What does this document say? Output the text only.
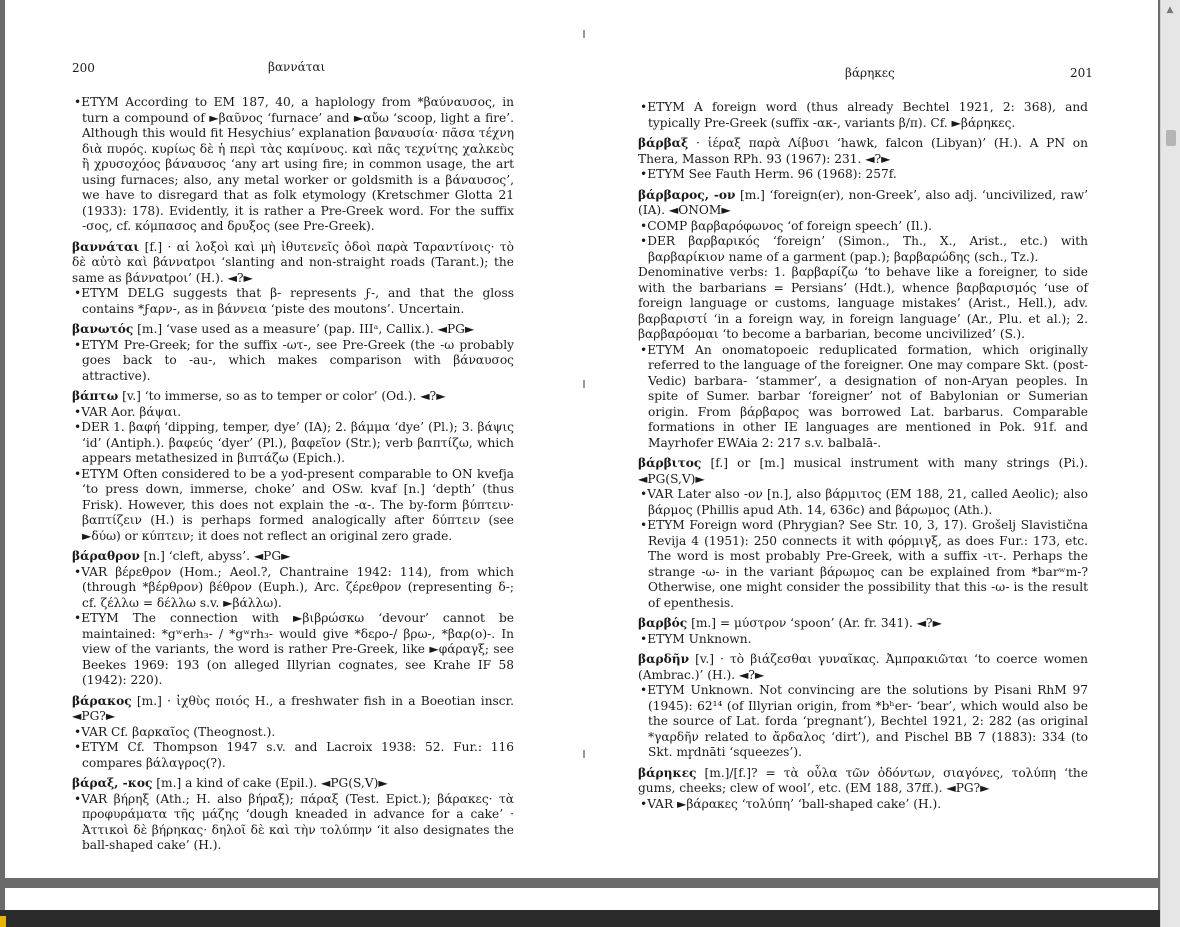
200	βαννάται	βάρηκες	201
•ETYM According to EM 187, 40, a haplology from *βαύναυσος, in turn a compound of ►βαῦνος ‘furnace’ and ►αὔω ‘scoop, light a fire’. Although this would fit Hesychius’ explanation βαναυσία· πᾶσα τέχνη διὰ πυρός. κυρίως δὲ ἡ περὶ τὰς καμίνους. καὶ πᾶς τεχνίτης χαλκεὺς ἢ χρυσοχόος βάναυσος ‘any art using fire; in common usage, the art using furnaces; also, any metal worker or goldsmith is a βάναυσος’, we have to disregard that as folk etymology (Kretschmer Glotta 21 (1933): 178). Evidently, it is rather a Pre-Greek word. For the suffix -σος, cf. κόμπασος and δρυξος (see Pre-Greek).
βαννάται [f.] · αἱ λοξοὶ καὶ μὴ ἰθυτενεῖς ὁδοὶ παρὰ Ταραντίνοις· τὸ δὲ αὐτὸ καὶ βάνναtροι ‘slanting and non-straight roads (Tarant.); the same as βάνναtροι’ (H.). ◄?►
•ETYM DELG suggests that β- represents ϝ-, and that the gloss contains *ϝαρν-, as in βάννεια ‘piste des moutons’. Uncertain.
βανωτός [m.] ‘vase used as a measure’ (pap. IIIᵃ, Callix.). ◄PG►
•ETYM Pre-Greek; for the suffix -ωτ-, see Pre-Greek (the -ω probably goes back to -au-, which makes comparison with βάναυσος attractive).
βάπτω [v.] ‘to immerse, so as to temper or color’ (Od.). ◄?►
•VAR Aor. βάψαι.
•DER 1. βαφή ‘dipping, temper, dye’ (IA); 2. βάμμα ‘dye’ (Pl.); 3. βάψις ‘id’ (Antiph.). βαφεύς ‘dyer’ (Pl.), βαφεῖον (Str.); verb βαπτίζω, which appears metathesized in βιπτάζω (Epich.).
•ETYM Often considered to be a yod-present comparable to ON kvefja ‘to press down, immerse, choke’ and OSw. kvaf [n.] ‘depth’ (thus Frisk). However, this does not explain the -α-. The by-form βύπτειν· βαπτίζειν (H.) is perhaps formed analogically after δύπτειν (see ►δύω) or κύπτειν; it does not reflect an original zero grade.
βάραθρον [n.] ‘cleft, abyss’. ◄PG►
•VAR βέρεθρον (Hom.; Aeol.?, Chantraine 1942: 114), from which (through *βέρθρον) βέθρον (Euph.), Arc. ζέρεθρον (representing δ-; cf. ζέλλω = δέλλω s.v. ►βάλλω).
•ETYM The connection with ►βιβρώσκω ‘devour’ cannot be maintained: *gʷerh₃- / *gʷrh₃- would give *δερο-/ βρω-, *βαρ(ο)-. In view of the variants, the word is rather Pre-Greek, like ►φάραγξ; see Beekes 1969: 193 (on alleged Illyrian cognates, see Krahe IF 58 (1942): 220).
βάρακος [m.] · ἰχθὺς ποιός H., a freshwater fish in a Boeotian inscr. ◄PG?►
•VAR Cf. βαρκαῖος (Theognost.).
•ETYM Cf. Thompson 1947 s.v. and Lacroix 1938: 52. Fur.: 116 compares βάλαγρος(?).
βάραξ, -κος [m.] a kind of cake (Epil.). ◄PG(S,V)►
•VAR βήρηξ (Ath.; H. also βήραξ); πάραξ (Test. Epict.); βάρακες· τὰ προφυράματα τῆς μάζης ‘dough kneaded in advance for a cake’ · Ἀττικοὶ δὲ βήρηκας· δηλοῖ δὲ καὶ τὴν τολύπην ‘it also designates the ball-shaped cake’ (H.).
•ETYM A foreign word (thus already Bechtel 1921, 2: 368), and typically Pre-Greek (suffix -ακ-, variants β/π). Cf. ►βάρηκες.
βάρβαξ · ἱέραξ παρὰ Λίβυσι ‘hawk, falcon (Libyan)’ (H.). A PN on Thera, Masson RPh. 93 (1967): 231. ◄?►
•ETYM See Fauth Herm. 96 (1968): 257f.
βάρβαρος, -ον [m.] ‘foreign(er), non-Greek’, also adj. ‘uncivilized, raw’ (IA). ◄ONOM►
•COMP βαρβαρόφωνος ‘of foreign speech’ (Il.).
•DER βαρβαρικός ‘foreign’ (Simon., Th., X., Arist., etc.) with βαρβαρίκιον name of a garment (pap.); βαρβαρώδης (sch., Tz.).
Denominative verbs: 1. βαρβαρίζω ‘to behave like a foreigner, to side with the barbarians = Persians’ (Hdt.), whence βαρβαρισμός ‘use of foreign language or customs, language mistakes’ (Arist., Hell.), adv. βαρβαριστί ‘in a foreign way, in foreign language’ (Ar., Plu. et al.); 2. βαρβαρόομαι ‘to become a barbarian, become uncivilized’ (S.).
•ETYM An onomatopoeic reduplicated formation, which originally referred to the language of the foreigner. One may compare Skt. (post-Vedic) barbara- ‘stammer’, a designation of non-Aryan peoples. In spite of Sumer. barbar ‘foreigner’ not of Babylonian or Sumerian origin. From βάρβαρος was borrowed Lat. barbarus. Comparable formations in other IE languages are mentioned in Pok. 91f. and Mayrhofer EWAia 2: 217 s.v. balbalā-.
βάρβιτος [f.] or [m.] musical instrument with many strings (Pi.). ◄PG(S,V)►
•VAR Later also -ον [n.], also βάρμιτος (EM 188, 21, called Aeolic); also βάρμος (Phillis apud Ath. 14, 636c) and βάρωμος (Ath.).
•ETYM Foreign word (Phrygian? See Str. 10, 3, 17). Grošelj Slavistična Revija 4 (1951): 250 connects it with φόρμιγξ, as does Fur.: 173, etc. The word is most probably Pre-Greek, with a suffix -ιτ-. Perhaps the strange -ω- in the variant βάρωμος can be explained from *barʷm-? Otherwise, one might consider the possibility that this -ω- is the result of epenthesis.
βαρβός [m.] = μύστρον ‘spoon’ (Ar. fr. 341). ◄?►
•ETYM Unknown.
βαρδῆν [v.] · τὸ βιάζεσθαι γυναῖκας. Ἀμπρακιῶται ‘to coerce women (Ambrac.)’ (H.). ◄?►
•ETYM Unknown. Not convincing are the solutions by Pisani RhM 97 (1945): 62¹⁴ (of Illyrian origin, from *bʰer- ‘bear’, which would also be the source of Lat. forda ‘pregnant’), Bechtel 1921, 2: 282 (as original *γαρδῆν related to ἄρδαλος ‘dirt’), and Pischel BB 7 (1883): 334 (to Skt. mr̥dnāti ‘squeezes’).
βάρηκες [m.]/[f.]? = τὰ οὖλα τῶν ὀδόντων, σιαγόνες, τολύπη ‘the gums, cheeks; clew of wool’, etc. (EM 188, 37ff.). ◄PG?►
•VAR ►βάρακες ‘τολύπη’ ‘ball-shaped cake’ (H.).
▲
